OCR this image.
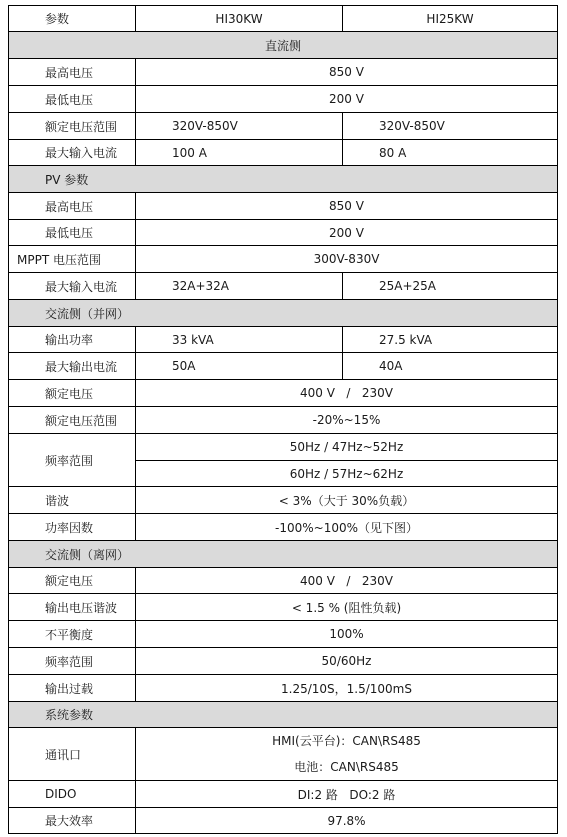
参数	HI30KW	HI25KW
直流侧		
最高电压	850 V	
最低电压	200 V	
额定电压范围	320V-850V	320V-850V
最大输入电流	100 A	80 A
PV 参数		
最高电压	850 V	
最低电压	200 V	
MPPT 电压范围	300V-830V	
最大输入电流	32A+32A	25A+25A
交流侧（并网）		
输出功率	33 kVA	27.5 kVA
最大输出电流	50A	40A
额定电压	400 V   /   230V	
额定电压范围	-20%~15%	
频率范围	50Hz / 47Hz~52Hz	
	60Hz / 57Hz~62Hz	
谐波	< 3%（大于 30%负载）	
功率因数	-100%~100%（见下图）	
交流侧（离网）		
额定电压	400 V   /   230V	
输出电压谐波	< 1.5 % (阻性负载)	
不平衡度	100%	
频率范围	50/60Hz	
输出过载	1.25/10S，1.5/100mS	
系统参数		
通讯口	HMI(云平台)：CAN\RS485
电池：CAN\RS485	

DIDO	DI:2 路   DO:2 路	
最大效率	97.8%	
